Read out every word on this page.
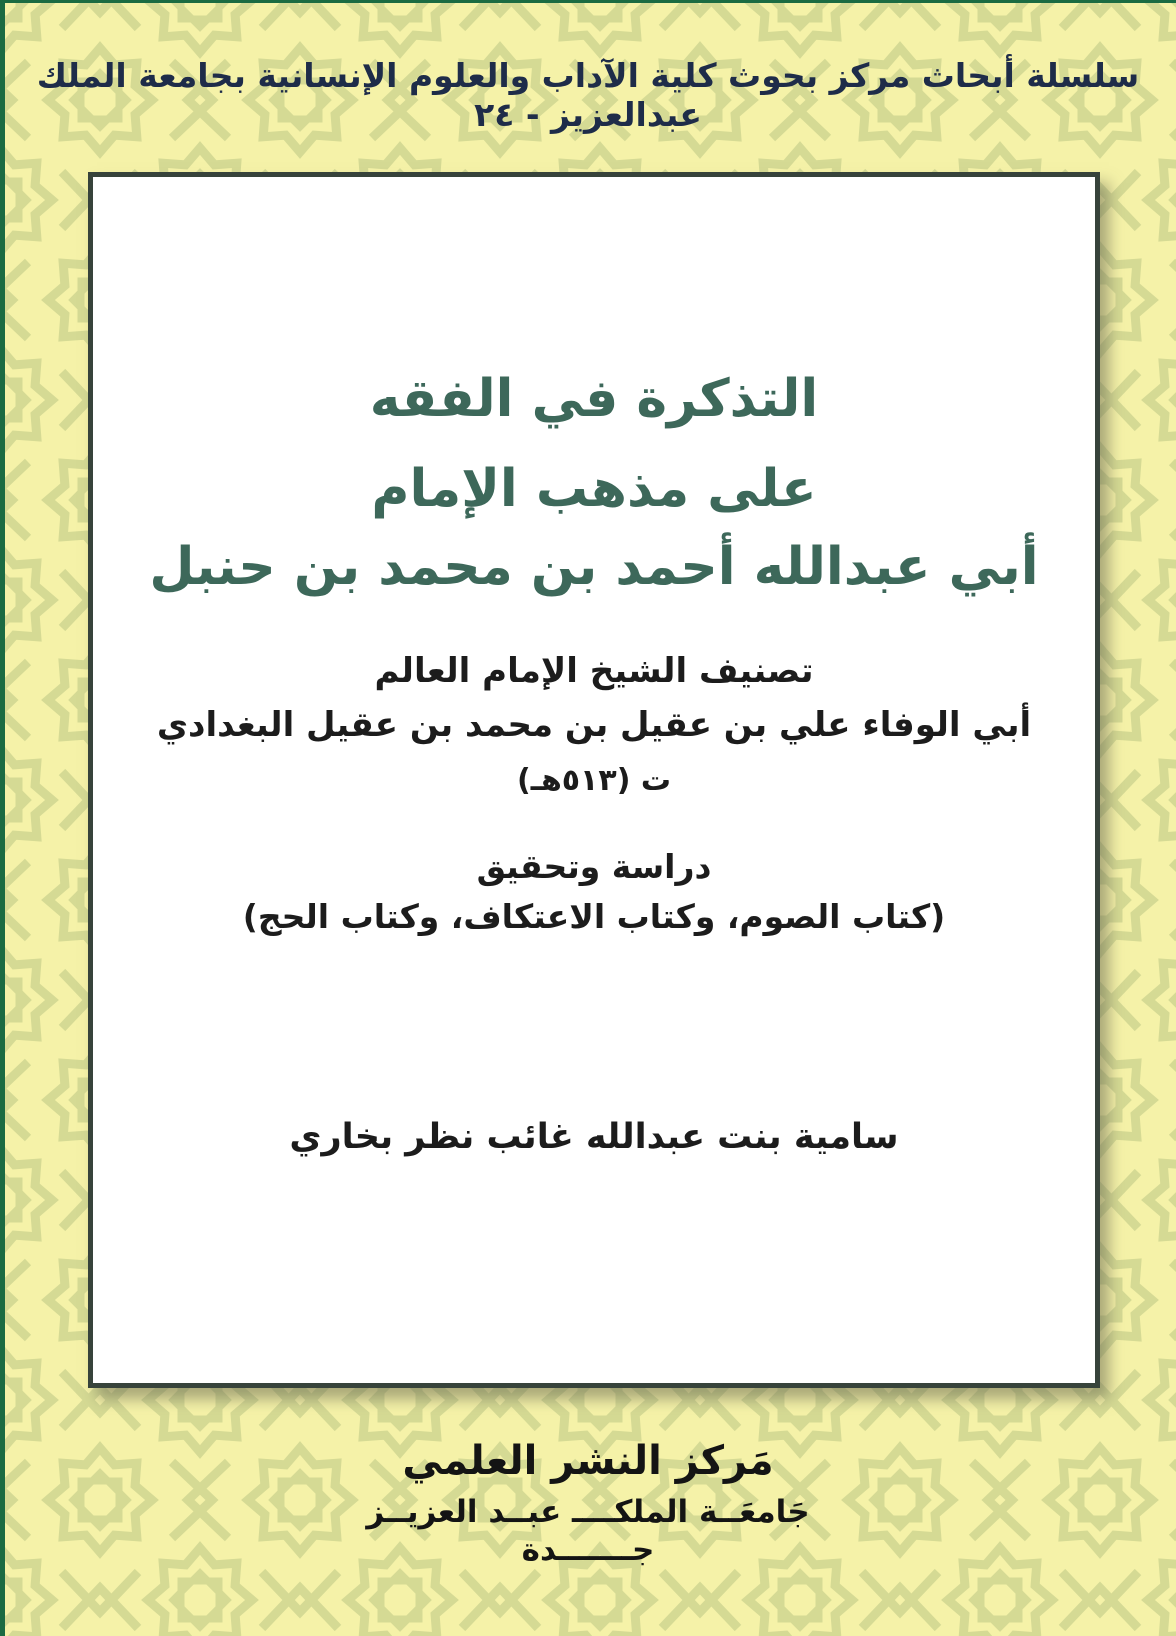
سلسلة أبحاث مركز بحوث كلية الآداب والعلوم الإنسانية بجامعة الملك عبدالعزيز - ٢٤
التذكرة في الفقه
على مذهب الإمام
أبي عبدالله أحمد بن محمد بن حنبل
تصنيف الشيخ الإمام العالم
أبي الوفاء علي بن عقيل بن محمد بن عقيل البغدادي
ت (٥١٣هـ)
دراسة وتحقيق
(كتاب الصوم، وكتاب الاعتكاف، وكتاب الحج)
سامية بنت عبدالله غائب نظر بخاري
مَركز النشر العلمي
جَامعَــة الملكــــ عبــد العزيــز
جـــــــدة
